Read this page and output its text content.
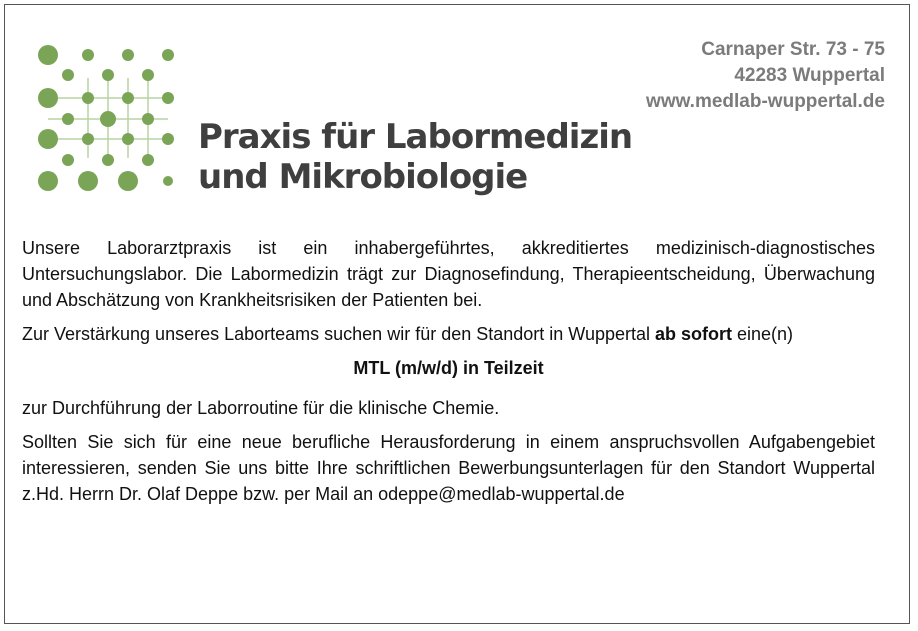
Praxis für Labormedizin
und Mikrobiologie
Carnaper Str. 73 - 75
42283 Wuppertal
www.medlab-wuppertal.de

Unsere Laborarztpraxis ist ein inhabergeführtes, akkreditiertes medizinisch-diagnostisches Untersuchungslabor. Die Labormedizin trägt zur Diagnosefindung, Therapieentscheidung, Überwachung und Abschätzung von Krankheitsrisiken der Patienten bei.

Zur Verstärkung unseres Laborteams suchen wir für den Standort in Wuppertal ab sofort eine(n)

MTL (m/w/d) in Teilzeit

zur Durchführung der Laborroutine für die klinische Chemie.

Sollten Sie sich für eine neue berufliche Herausforderung in einem anspruchsvollen Aufgabengebiet interessieren, senden Sie uns bitte Ihre schriftlichen Bewerbungsunterlagen für den Standort Wuppertal z.Hd. Herrn Dr. Olaf Deppe bzw. per Mail an odeppe@medlab-wuppertal.de
